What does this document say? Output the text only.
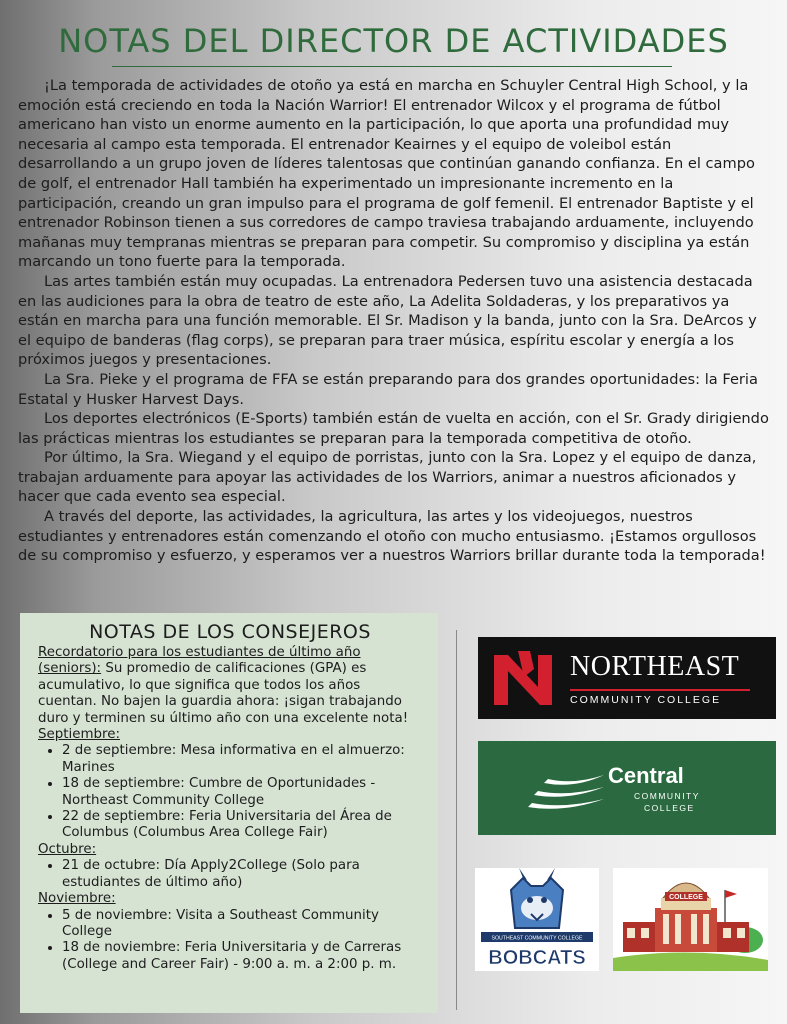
NOTAS DEL DIRECTOR DE ACTIVIDADES

¡La temporada de actividades de otoño ya está en marcha en Schuyler Central High School, y la emoción está creciendo en toda la Nación Warrior! El entrenador Wilcox y el programa de fútbol americano han visto un enorme aumento en la participación, lo que aporta una profundidad muy necesaria al campo esta temporada. El entrenador Keairnes y el equipo de voleibol están desarrollando a un grupo joven de líderes talentosas que continúan ganando confianza. En el campo de golf, el entrenador Hall también ha experimentado un impresionante incremento en la participación, creando un gran impulso para el programa de golf femenil. El entrenador Baptiste y el entrenador Robinson tienen a sus corredores de campo traviesa trabajando arduamente, incluyendo mañanas muy tempranas mientras se preparan para competir. Su compromiso y disciplina ya están marcando un tono fuerte para la temporada.

Las artes también están muy ocupadas. La entrenadora Pedersen tuvo una asistencia destacada en las audiciones para la obra de teatro de este año, La Adelita Soldaderas, y los preparativos ya están en marcha para una función memorable. El Sr. Madison y la banda, junto con la Sra. DeArcos y el equipo de banderas (flag corps), se preparan para traer música, espíritu escolar y energía a los próximos juegos y presentaciones.

La Sra. Pieke y el programa de FFA se están preparando para dos grandes oportunidades: la Feria Estatal y Husker Harvest Days.

Los deportes electrónicos (E-Sports) también están de vuelta en acción, con el Sr. Grady dirigiendo las prácticas mientras los estudiantes se preparan para la temporada competitiva de otoño.

Por último, la Sra. Wiegand y el equipo de porristas, junto con la Sra. Lopez y el equipo de danza, trabajan arduamente para apoyar las actividades de los Warriors, animar a nuestros aficionados y hacer que cada evento sea especial.

A través del deporte, las actividades, la agricultura, las artes y los videojuegos, nuestros estudiantes y entrenadores están comenzando el otoño con mucho entusiasmo. ¡Estamos orgullosos de su compromiso y esfuerzo, y esperamos ver a nuestros Warriors brillar durante toda la temporada!

NOTAS DE LOS CONSEJEROS
Recordatorio para los estudiantes de último año (seniors): Su promedio de calificaciones (GPA) es acumulativo, lo que significa que todos los años cuentan. No bajen la guardia ahora: ¡sigan trabajando duro y terminen su último año con una excelente nota!
Septiembre:
• 2 de septiembre: Mesa informativa en el almuerzo: Marines
• 18 de septiembre: Cumbre de Oportunidades - Northeast Community College
• 22 de septiembre: Feria Universitaria del Área de Columbus (Columbus Area College Fair)
Octubre:
• 21 de octubre: Día Apply2College (Solo para estudiantes de último año)
Noviembre:
• 5 de noviembre: Visita a Southeast Community College
• 18 de noviembre: Feria Universitaria y de Carreras (College and Career Fair) - 9:00 a. m. a 2:00 p. m.
NORTHEAST
COMMUNITY COLLEGE
Central
COMMUNITY
COLLEGE
SOUTHEAST COMMUNITY COLLEGE
BOBCATS
COLLEGE
